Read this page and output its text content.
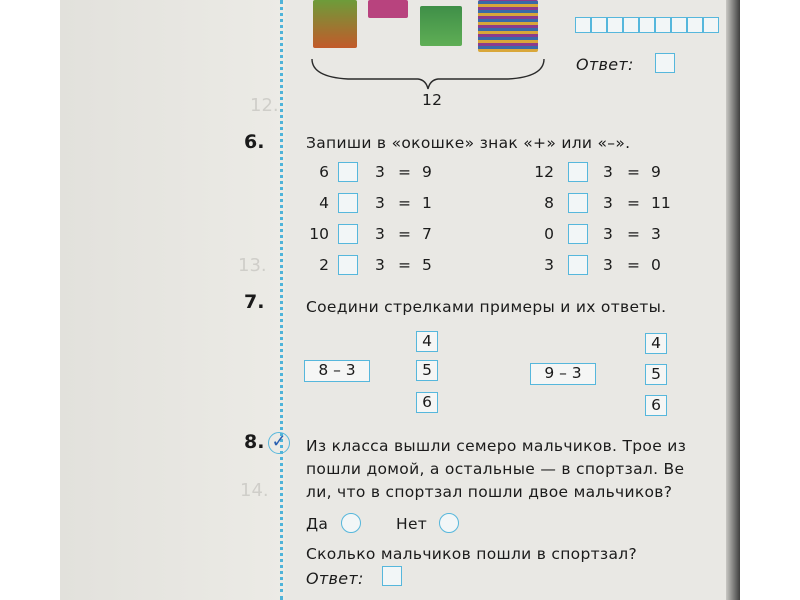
12.
13.
14.
12
Ответ:
6.	Запиши в «окошке» знак «+» или «–».
6	3 = 9
4	3 = 1
10	3 = 7
2	3 = 5
12	3 = 9
8	3 = 11
0	3 = 3
3	3 = 0
7.	Соедини стрелками примеры и их ответы.
8 – 3
4
5
6
9 – 3
4
5
6
8. ✓ Из класса вышли семеро мальчиков. Трое из
пошли домой, а остальные — в спортзал. Ве
ли, что в спортзал пошли двое мальчиков?
Да	Нет
Сколько мальчиков пошли в спортзал?
Ответ:
